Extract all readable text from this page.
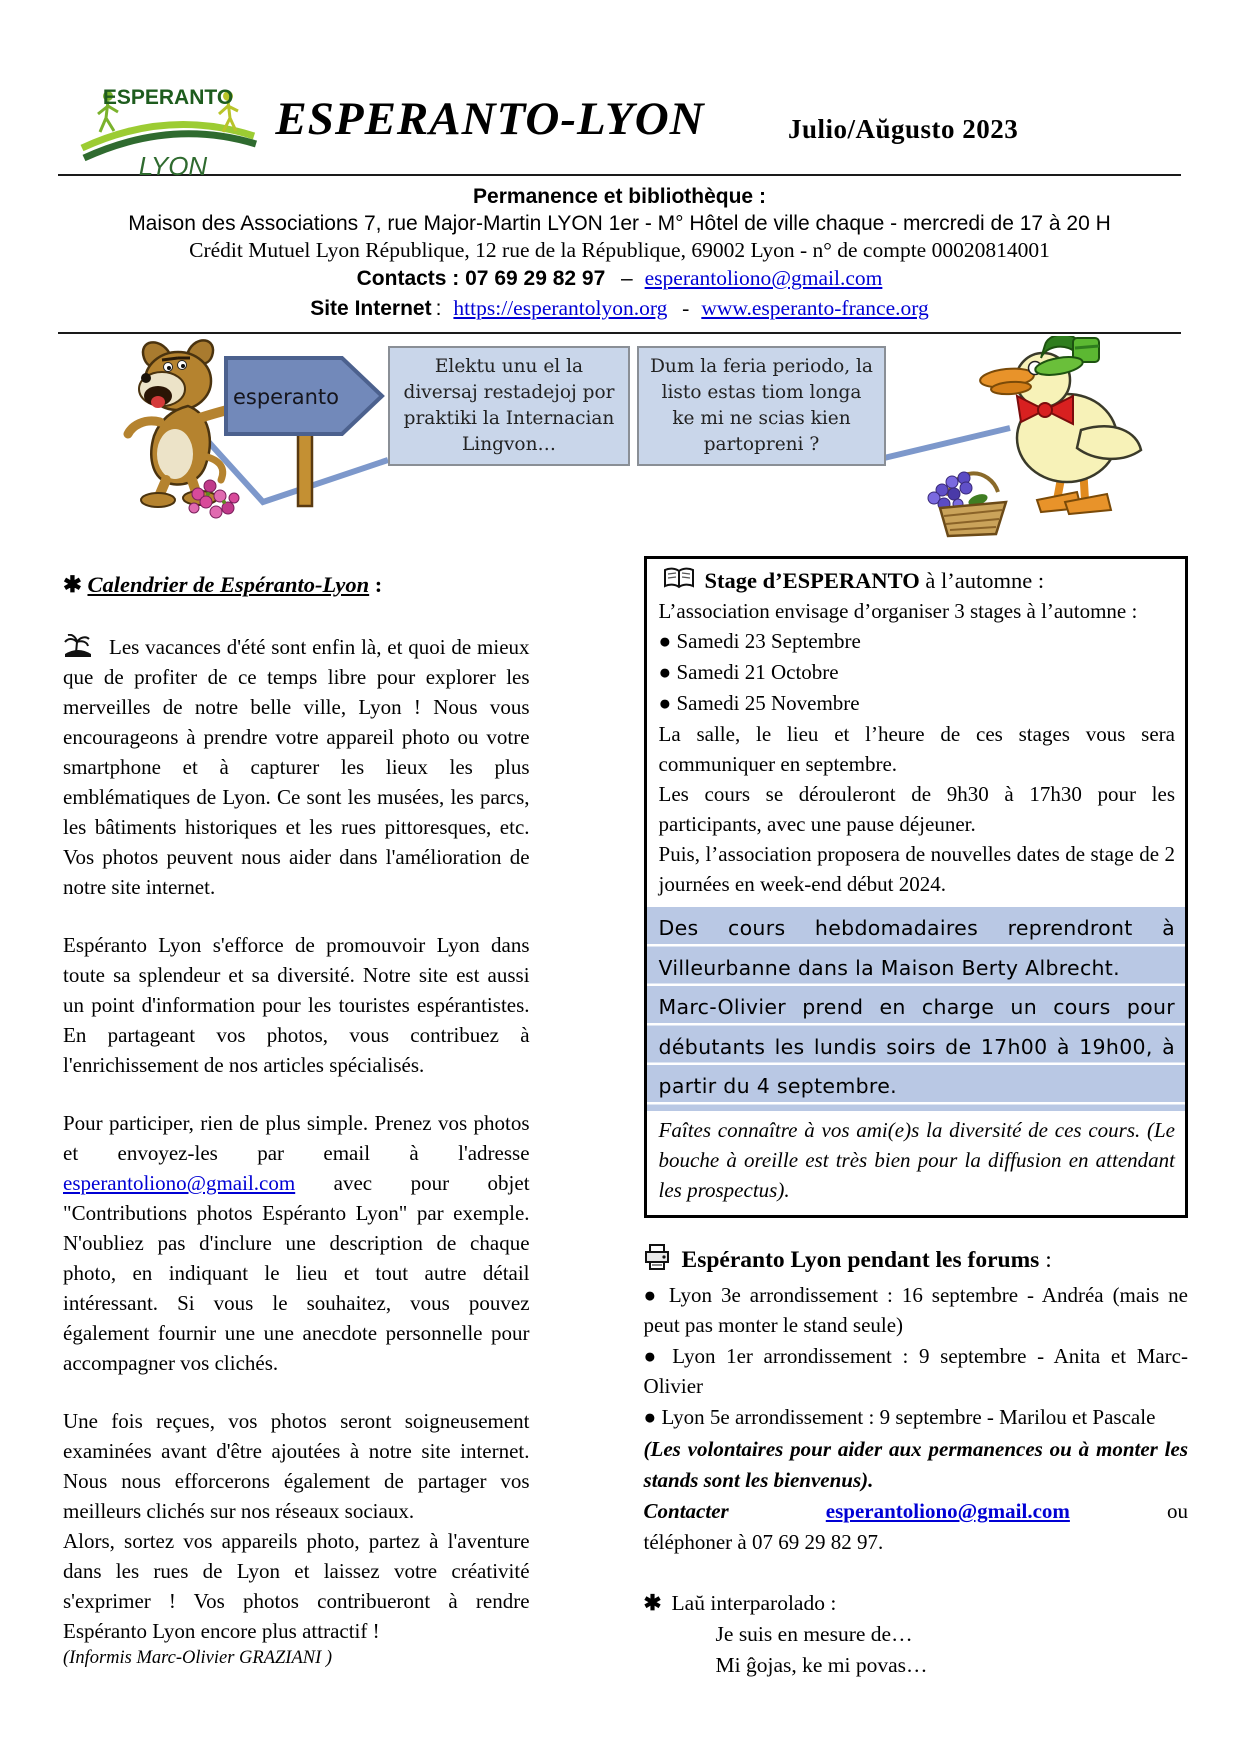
ESPERANTO
LYON
ESPERANTO-LYON	Julio/Aŭgusto 2023
Permanence et bibliothèque :
Maison des Associations 7, rue Major-Martin LYON 1er - M° Hôtel de ville chaque - mercredi de 17 à 20 H
Crédit Mutuel Lyon République, 12 rue de la République, 69002 Lyon - n° de compte 00020814001
Contacts : 07 69 29 82 97 – esperantoliono@gmail.com
Site Internet : https://esperantolyon.org - www.esperanto-france.org
esperanto
Elektu unu el la diversaj restadejoj por praktiki la Internacian Lingvon…
Dum la feria periodo, la listo estas tiom longa ke mi ne scias kien partopreni ?
✱ Calendrier de Espéranto-Lyon :

Les vacances d'été sont enfin là, et quoi de mieux que de profiter de ce temps libre pour explorer les merveilles de notre belle ville, Lyon ! Nous vous encourageons à prendre votre appareil photo ou votre smartphone et à capturer les lieux les plus emblématiques de Lyon. Ce sont les musées, les parcs, les bâtiments historiques et les rues pittoresques, etc. Vos photos peuvent nous aider dans l'amélioration de notre site internet.

Espéranto Lyon s'efforce de promouvoir Lyon dans toute sa splendeur et sa diversité. Notre site est aussi un point d'information pour les touristes espérantistes. En partageant vos photos, vous contribuez à l'enrichissement de nos articles spécialisés.

Pour participer, rien de plus simple. Prenez vos photos et envoyez-les par email à l'adresse esperantoliono@gmail.com avec pour objet "Contributions photos Espéranto Lyon" par exemple. N'oubliez pas d'inclure une description de chaque photo, en indiquant le lieu et tout autre détail intéressant. Si vous le souhaitez, vous pouvez également fournir une une anecdote personnelle pour accompagner vos clichés.

Une fois reçues, vos photos seront soigneusement examinées avant d'être ajoutées à notre site internet. Nous nous efforcerons également de partager vos meilleurs clichés sur nos réseaux sociaux.

Alors, sortez vos appareils photo, partez à l'aventure dans les rues de Lyon et laissez votre créativité s'exprimer ! Vos photos contribueront à rendre Espéranto Lyon encore plus attractif !

(Informis Marc-Olivier GRAZIANI )
Stage d’ESPERANTO à l’automne :
L’association envisage d’organiser 3 stages à l’automne :
● Samedi 23 Septembre
● Samedi 21 Octobre
● Samedi 25 Novembre
La salle, le lieu et l’heure de ces stages vous sera communiquer en septembre.
Les cours se dérouleront de 9h30 à 17h30 pour les participants, avec une pause déjeuner.
Puis, l’association proposera de nouvelles dates de stage de 2 journées en week-end début 2024.

Des cours hebdomadaires reprendront à Villeurbanne dans la Maison Berty Albrecht.

Marc-Olivier prend en charge un cours pour débutants les lundis soirs de 17h00 à 19h00, à partir du 4 septembre.

Faîtes connaître à vos ami(e)s la diversité de ces cours. (Le bouche à oreille est très bien pour la diffusion en attendant les prospectus).
Espéranto Lyon pendant les forums :
● Lyon 3e arrondissement : 16 septembre - Andréa (mais ne peut pas monter le stand seule)
● Lyon 1er arrondissement : 9 septembre - Anita et Marc-Olivier
● Lyon 5e arrondissement : 9 septembre - Marilou et Pascale
(Les volontaires pour aider aux permanences ou à monter les stands sont les bienvenus).
Contacter	esperantoliono@gmail.com	ou
téléphoner à 07 69 29 82 97.
✱ Laŭ interparolado :
Je suis en mesure de…
Mi ĝojas, ke mi povas…
